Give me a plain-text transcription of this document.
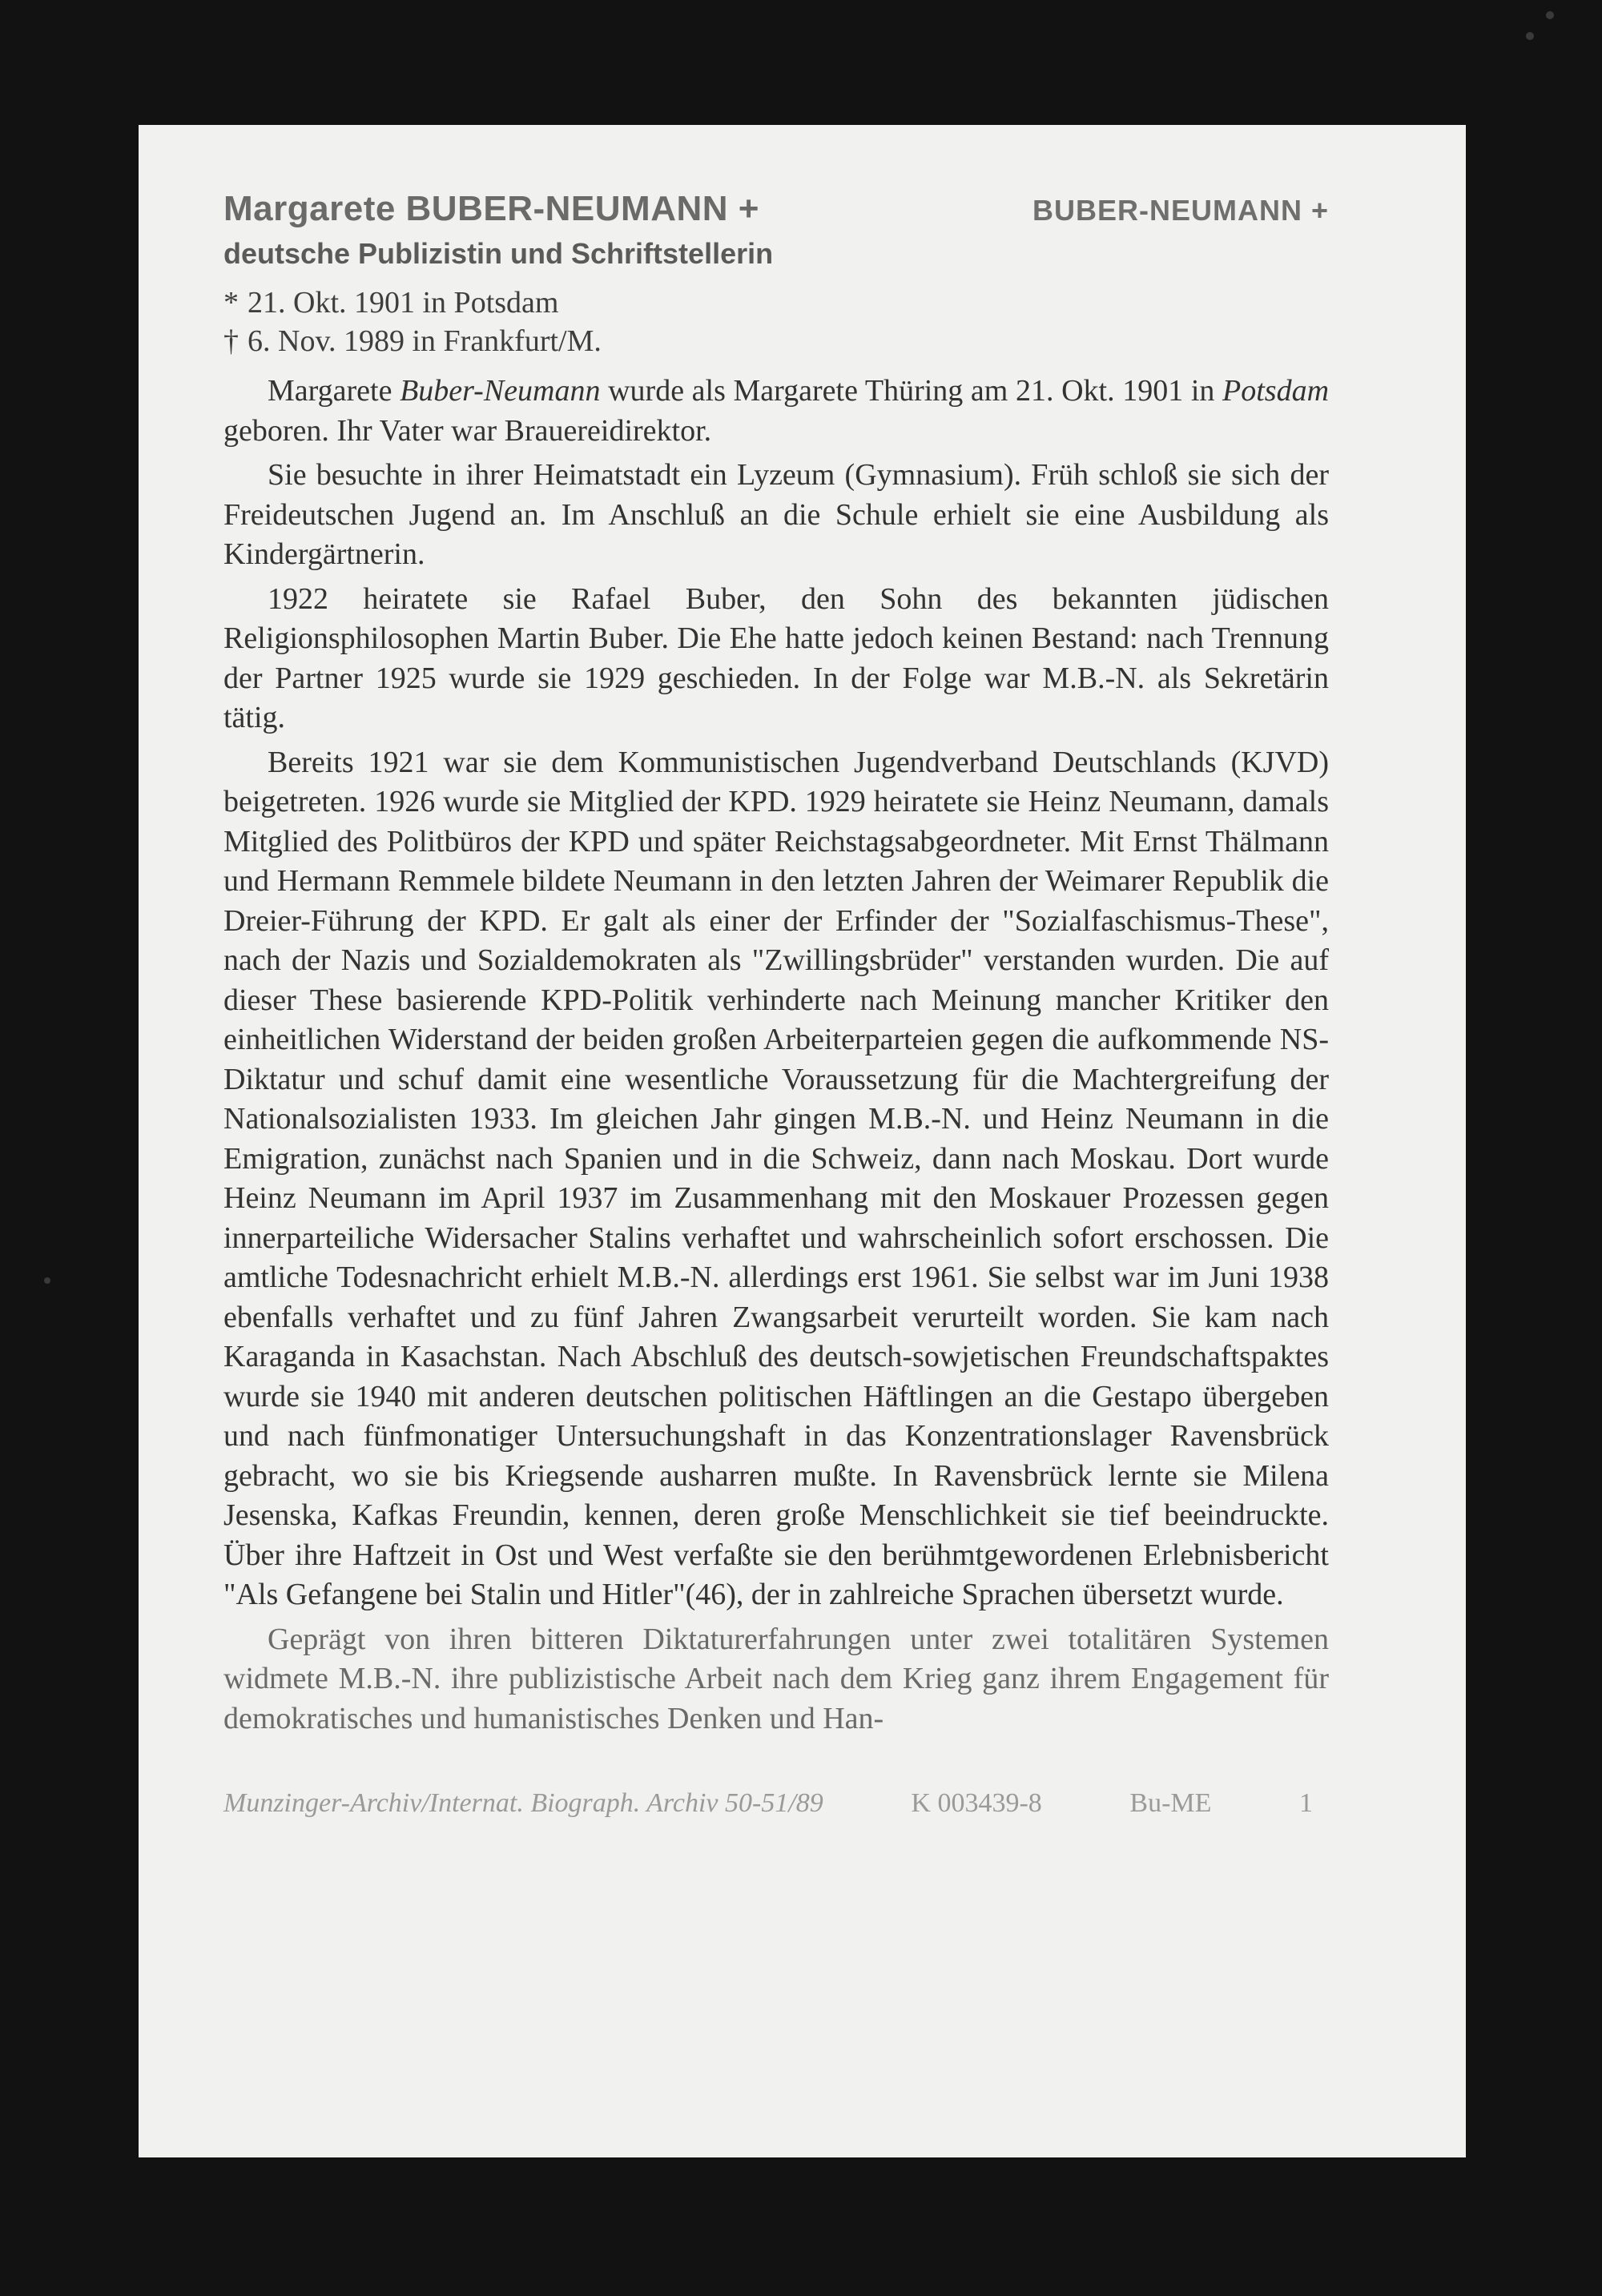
Margarete BUBER-NEUMANN +	BUBER-NEUMANN +
deutsche Publizistin und Schriftstellerin
* 21. Okt. 1901 in Potsdam
† 6. Nov. 1989 in Frankfurt/M.

Margarete Buber-Neumann wurde als Margarete Thüring am 21. Okt. 1901 in Potsdam geboren. Ihr Vater war Brauereidirektor.

Sie besuchte in ihrer Heimatstadt ein Lyzeum (Gymnasium). Früh schloß sie sich der Freideutschen Jugend an. Im Anschluß an die Schule erhielt sie eine Ausbildung als Kindergärtnerin.

1922 heiratete sie Rafael Buber, den Sohn des bekannten jüdischen Religionsphilosophen Martin Buber. Die Ehe hatte jedoch keinen Bestand: nach Trennung der Partner 1925 wurde sie 1929 geschieden. In der Folge war M.B.-N. als Sekretärin tätig.

Bereits 1921 war sie dem Kommunistischen Jugendverband Deutschlands (KJVD) beigetreten. 1926 wurde sie Mitglied der KPD. 1929 heiratete sie Heinz Neumann, damals Mitglied des Politbüros der KPD und später Reichstagsabgeordneter. Mit Ernst Thälmann und Hermann Remmele bildete Neumann in den letzten Jahren der Weimarer Republik die Dreier-Führung der KPD. Er galt als einer der Erfinder der "Sozialfaschismus-These", nach der Nazis und Sozialdemokraten als "Zwillingsbrüder" verstanden wurden. Die auf dieser These basierende KPD-Politik verhinderte nach Meinung mancher Kritiker den einheitlichen Widerstand der beiden großen Arbeiterparteien gegen die aufkommende NS-Diktatur und schuf damit eine wesentliche Voraussetzung für die Machtergreifung der Nationalsozialisten 1933. Im gleichen Jahr gingen M.B.-N. und Heinz Neumann in die Emigration, zunächst nach Spanien und in die Schweiz, dann nach Moskau. Dort wurde Heinz Neumann im April 1937 im Zusammenhang mit den Moskauer Prozessen gegen innerparteiliche Widersacher Stalins verhaftet und wahrscheinlich sofort erschossen. Die amtliche Todesnachricht erhielt M.B.-N. allerdings erst 1961. Sie selbst war im Juni 1938 ebenfalls verhaftet und zu fünf Jahren Zwangsarbeit verurteilt worden. Sie kam nach Karaganda in Kasachstan. Nach Abschluß des deutsch-sowjetischen Freundschaftspaktes wurde sie 1940 mit anderen deutschen politischen Häftlingen an die Gestapo übergeben und nach fünfmonatiger Untersuchungshaft in das Konzentrationslager Ravensbrück gebracht, wo sie bis Kriegsende ausharren mußte. In Ravensbrück lernte sie Milena Jesenska, Kafkas Freundin, kennen, deren große Menschlichkeit sie tief beeindruckte. Über ihre Haftzeit in Ost und West verfaßte sie den berühmtgewordenen Erlebnisbericht "Als Gefangene bei Stalin und Hitler"(46), der in zahlreiche Sprachen übersetzt wurde.

Geprägt von ihren bitteren Diktaturerfahrungen unter zwei totalitären Systemen widmete M.B.-N. ihre publizistische Arbeit nach dem Krieg ganz ihrem Engagement für demokratisches und humanistisches Denken und Han-

Munzinger-Archiv/Internat. Biograph. Archiv 50-51/89	K 003439-8	Bu-ME	1
